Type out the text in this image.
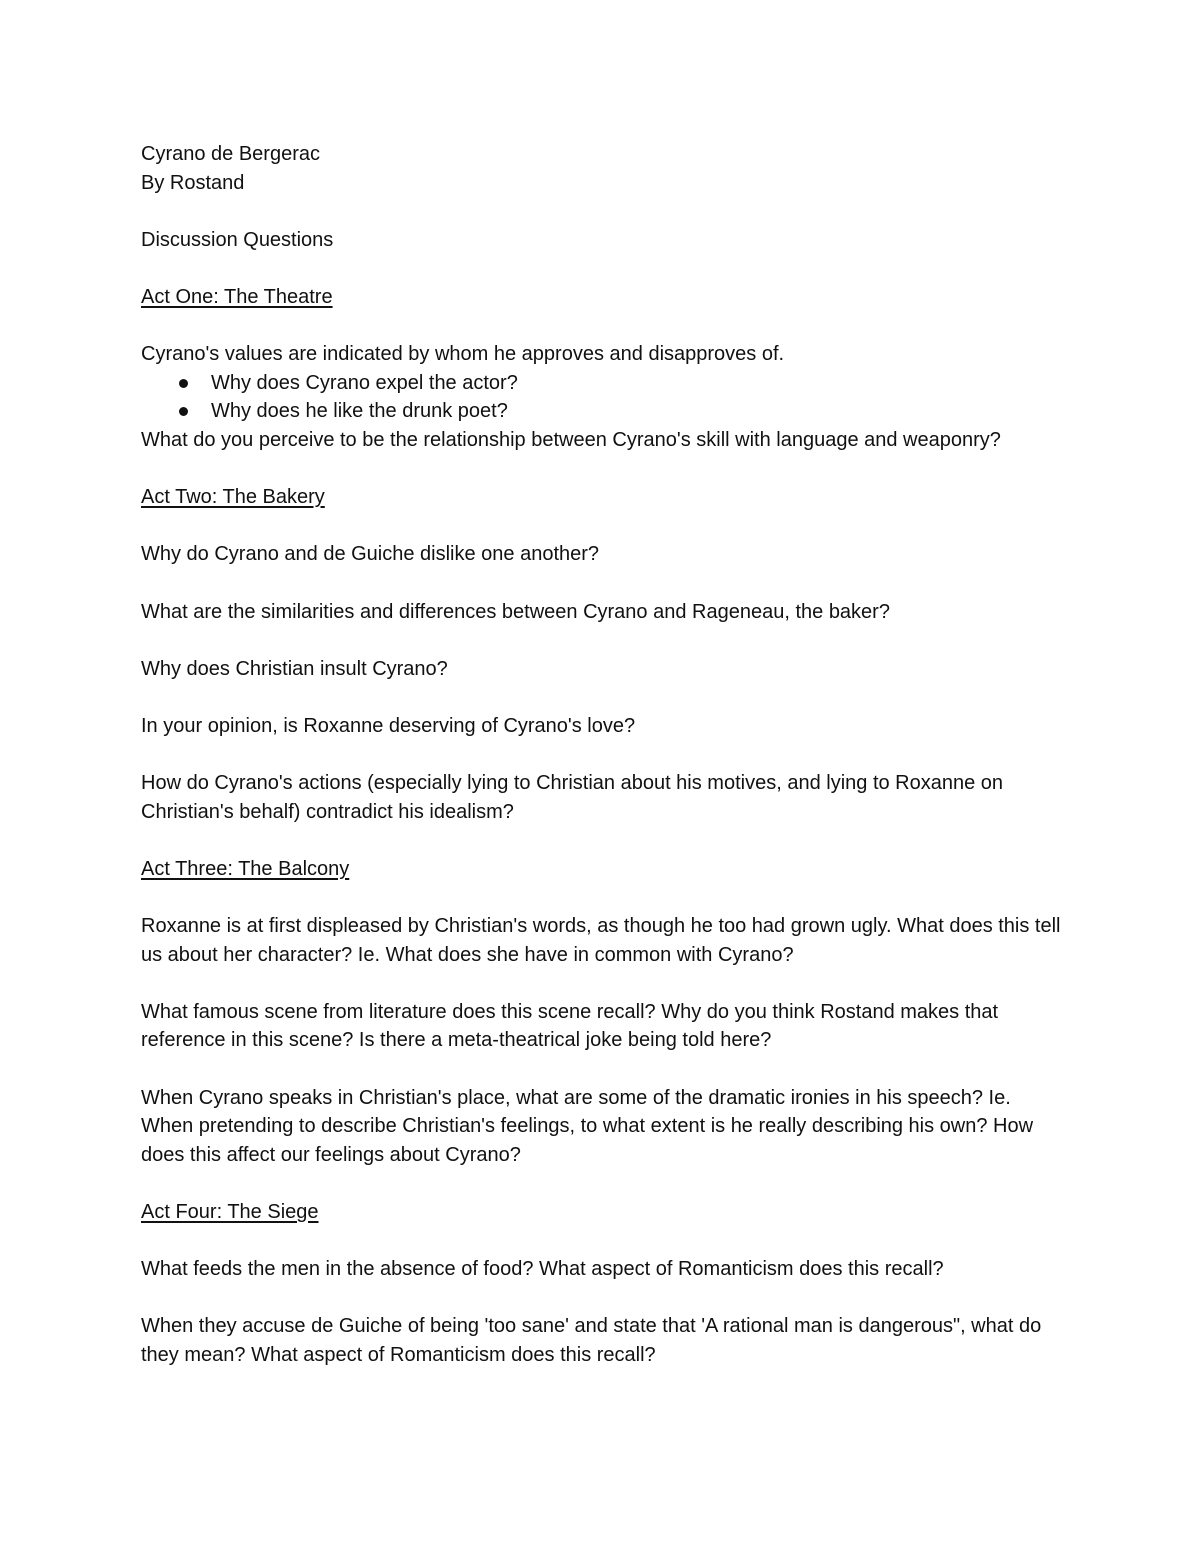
Cyrano de Bergerac

By Rostand

Discussion Questions

Act One: The Theatre

Cyrano's values are indicated by whom he approves and disapproves of.

Why does Cyrano expel the actor?
Why does he like the drunk poet?

What do you perceive to be the relationship between Cyrano's skill with language and weaponry?

Act Two: The Bakery

Why do Cyrano and de Guiche dislike one another?

What are the similarities and differences between Cyrano and Rageneau, the baker?

Why does Christian insult Cyrano?

In your opinion, is Roxanne deserving of Cyrano's love?

How do Cyrano's actions (especially lying to Christian about his motives, and lying to Roxanne on Christian's behalf) contradict his idealism?

Act Three: The Balcony

Roxanne is at first displeased by Christian's words, as though he too had grown ugly. What does this tell us about her character? Ie. What does she have in common with Cyrano?

What famous scene from literature does this scene recall? Why do you think Rostand makes that reference in this scene? Is there a meta-theatrical joke being told here?

When Cyrano speaks in Christian's place, what are some of the dramatic ironies in his speech? Ie. When pretending to describe Christian's feelings, to what extent is he really describing his own? How does this affect our feelings about Cyrano?

Act Four: The Siege

What feeds the men in the absence of food? What aspect of Romanticism does this recall?

When they accuse de Guiche of being 'too sane' and state that 'A rational man is dangerous", what do they mean? What aspect of Romanticism does this recall?
